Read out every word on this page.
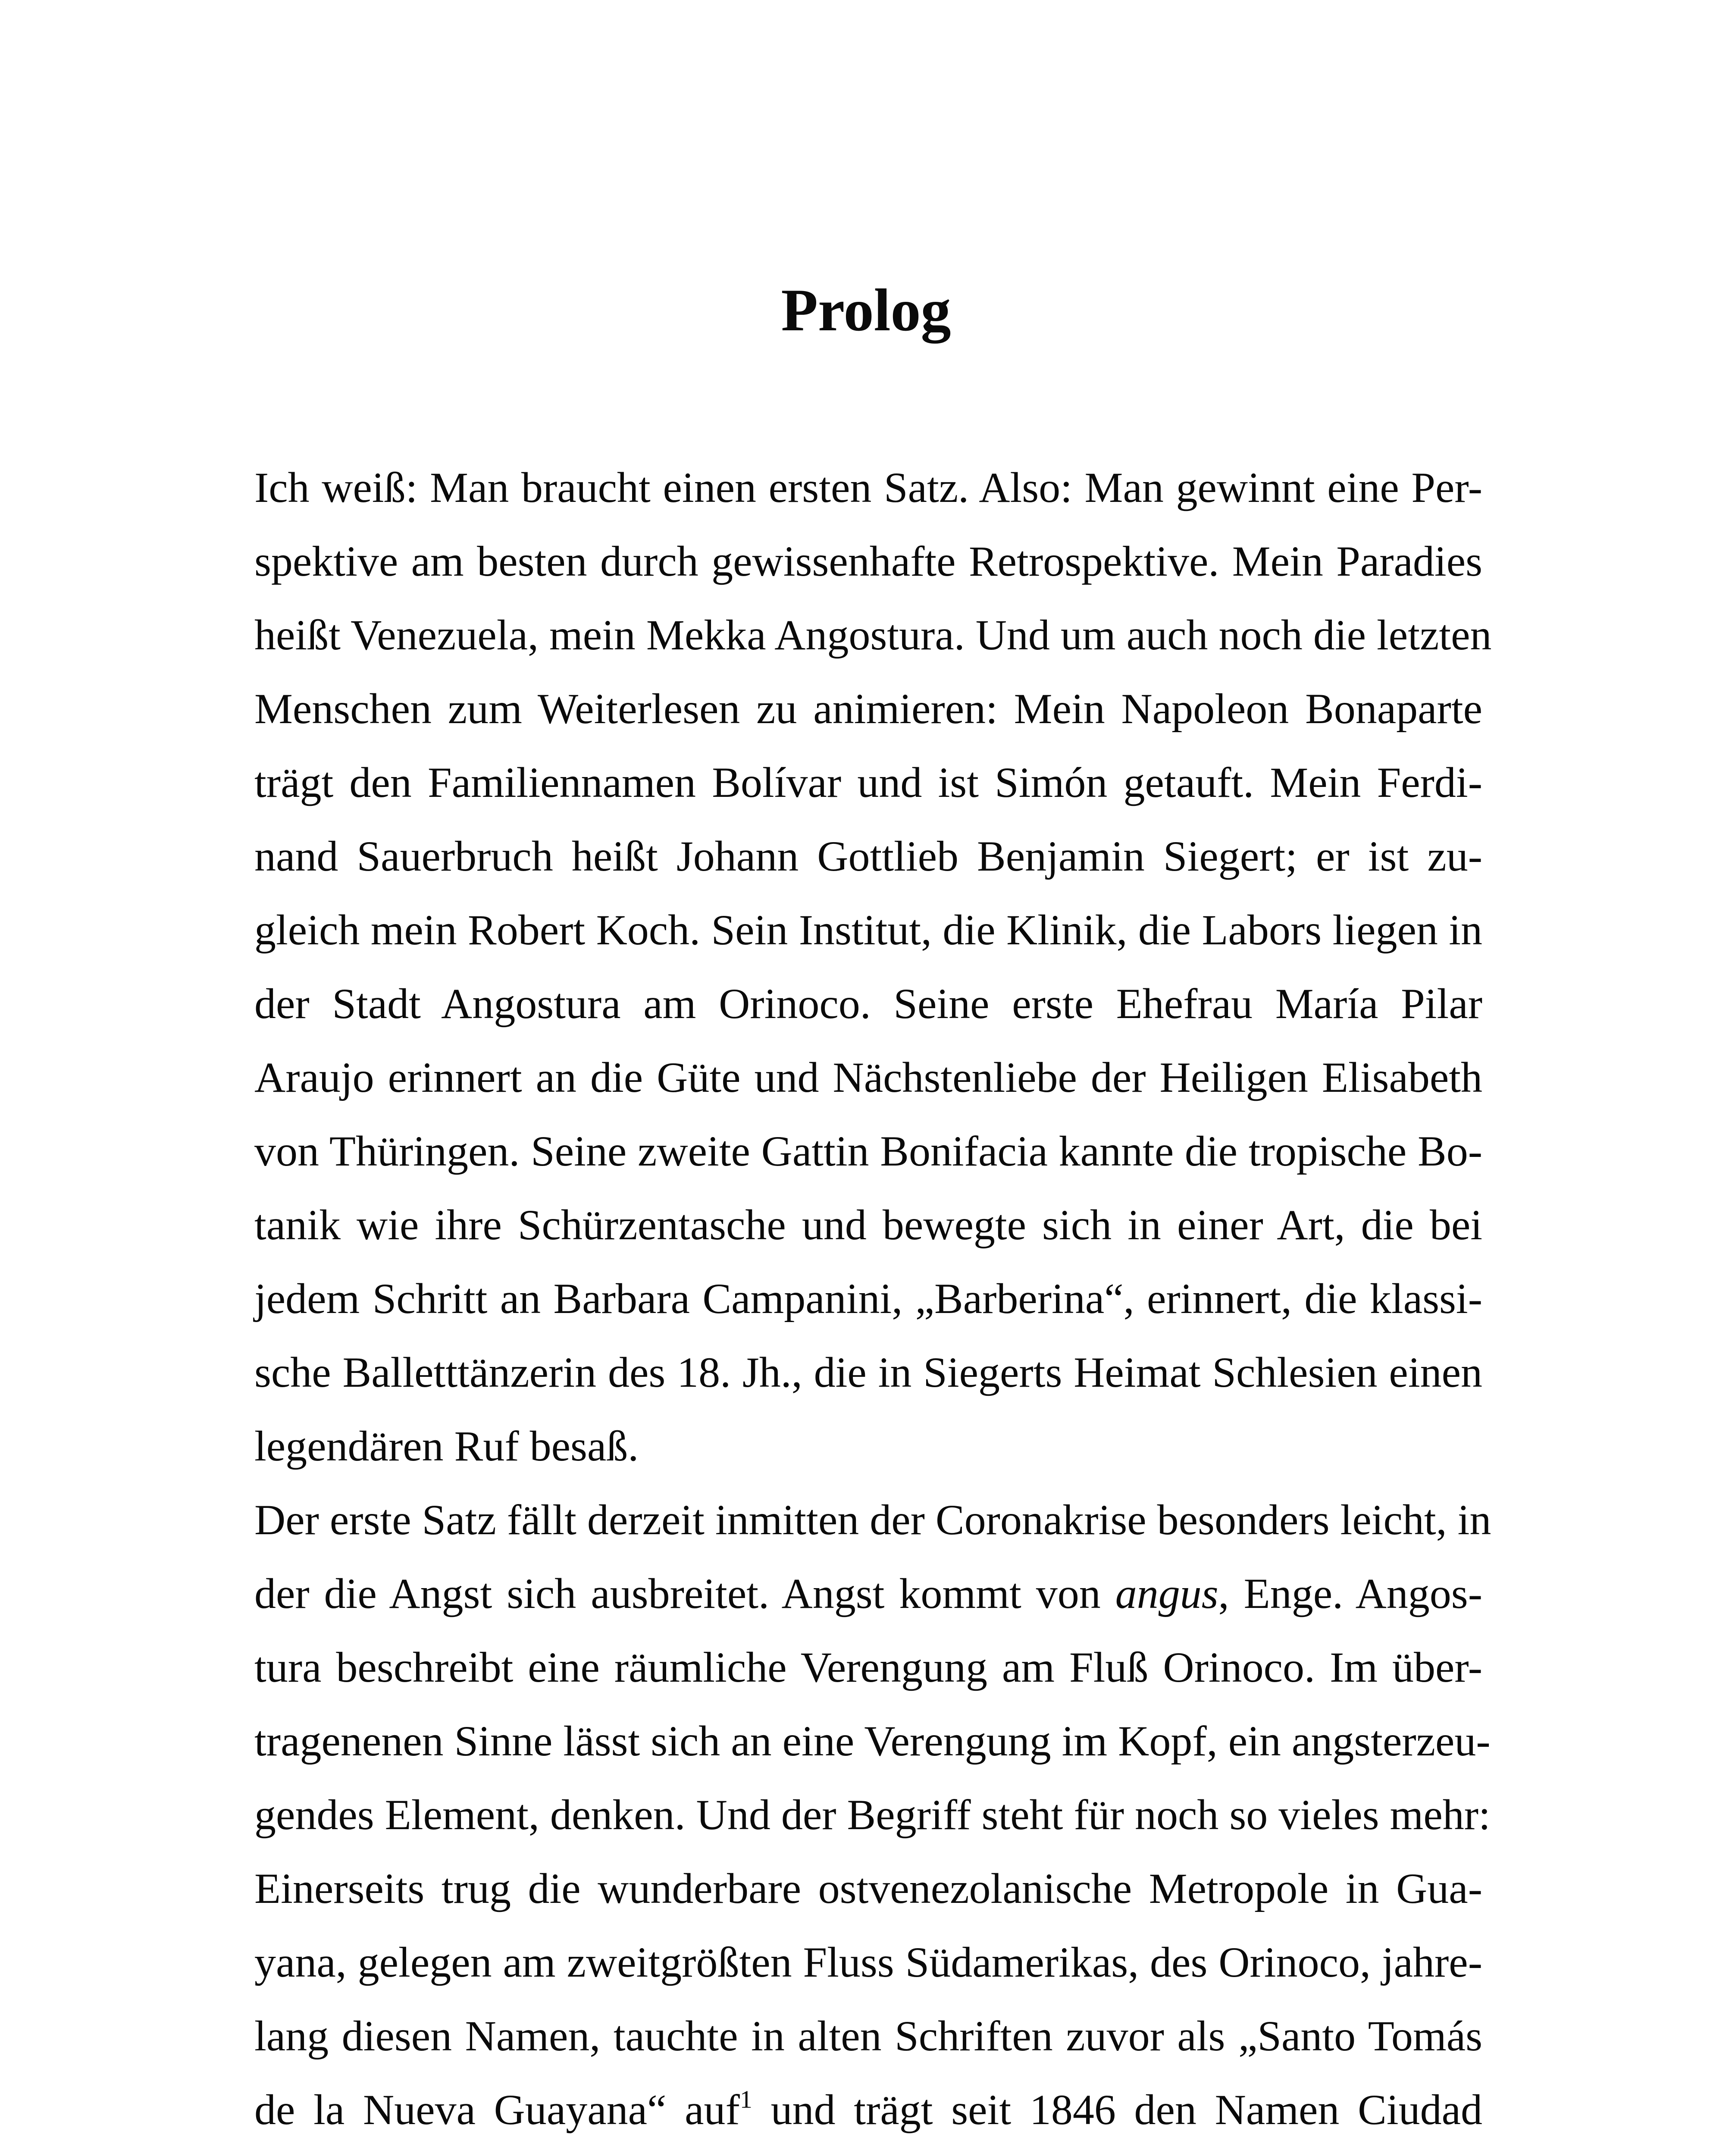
Prolog
Ich weiß: Man braucht einen ersten Satz. Also: Man gewinnt eine Per-
spektive am besten durch gewissenhafte Retrospektive. Mein Paradies
heißt Venezuela, mein Mekka Angostura. Und um auch noch die letzten
Menschen zum Weiterlesen zu animieren: Mein Napoleon Bonaparte
trägt den Familiennamen Bolívar und ist Simón getauft. Mein Ferdi-
nand Sauerbruch heißt Johann Gottlieb Benjamin Siegert; er ist zu-
gleich mein Robert Koch. Sein Institut, die Klinik, die Labors liegen in
der Stadt Angostura am Orinoco. Seine erste Ehefrau María Pilar
Araujo erinnert an die Güte und Nächstenliebe der Heiligen Elisabeth
von Thüringen. Seine zweite Gattin Bonifacia kannte die tropische Bo-
tanik wie ihre Schürzentasche und bewegte sich in einer Art, die bei
jedem Schritt an Barbara Campanini, „Barberina“, erinnert, die klassi-
sche Balletttänzerin des 18. Jh., die in Siegerts Heimat Schlesien einen
legendären Ruf besaß.
Der erste Satz fällt derzeit inmitten der Coronakrise besonders leicht, in
der die Angst sich ausbreitet. Angst kommt von angus, Enge. Angos-
tura beschreibt eine räumliche Verengung am Fluß Orinoco. Im über-
tragenenen Sinne lässt sich an eine Verengung im Kopf, ein angsterzeu-
gendes Element, denken. Und der Begriff steht für noch so vieles mehr:
Einerseits trug die wunderbare ostvenezolanische Metropole in Gua-
yana, gelegen am zweitgrößten Fluss Südamerikas, des Orinoco, jahre-
lang diesen Namen, tauchte in alten Schriften zuvor als „Santo Tomás
de la Nueva Guayana“ auf$^1$ und trägt seit 1846 den Namen Ciudad
